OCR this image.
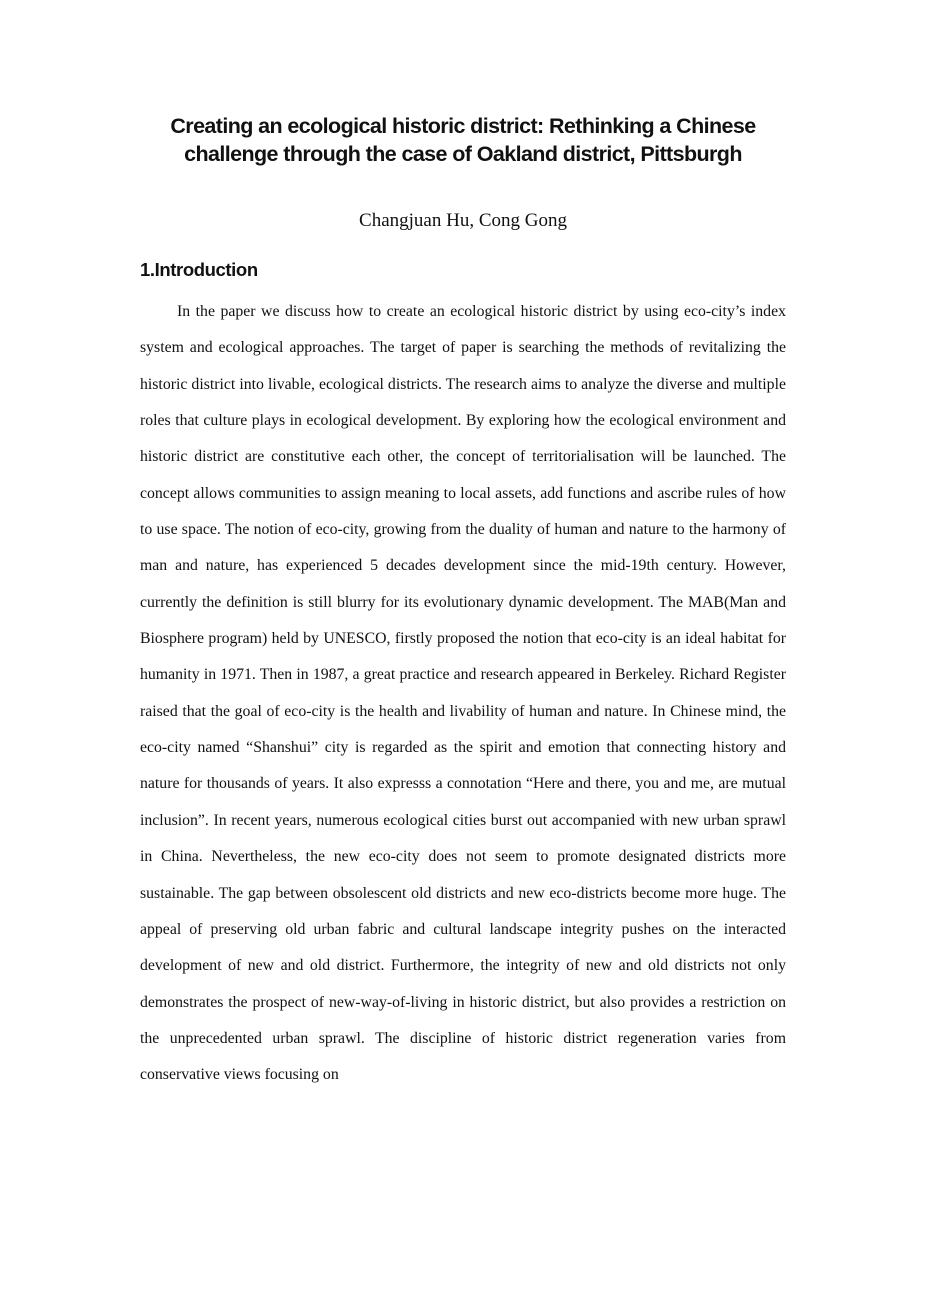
Creating an ecological historic district: Rethinking a Chinese challenge through the case of Oakland district, Pittsburgh

Changjuan Hu, Cong Gong

1.Introduction

In the paper we discuss how to create an ecological historic district by using eco-city’s index system and ecological approaches. The target of paper is searching the methods of revitalizing the historic district into livable, ecological districts. The research aims to analyze the diverse and multiple roles that culture plays in ecological development. By exploring how the ecological environment and historic district are constitutive each other, the concept of territorialisation will be launched. The concept allows communities to assign meaning to local assets, add functions and ascribe rules of how to use space. The notion of eco-city, growing from the duality of human and nature to the harmony of man and nature, has experienced 5 decades development since the mid-19th century. However, currently the definition is still blurry for its evolutionary dynamic development. The MAB(Man and Biosphere program) held by UNESCO, firstly proposed the notion that eco-city is an ideal habitat for humanity in 1971. Then in 1987, a great practice and research appeared in Berkeley. Richard Register raised that the goal of eco-city is the health and livability of human and nature. In Chinese mind, the eco-city named “Shanshui” city is regarded as the spirit and emotion that connecting history and nature for thousands of years. It also expresss a connotation “Here and there, you and me, are mutual inclusion”. In recent years, numerous ecological cities burst out accompanied with new urban sprawl in China. Nevertheless, the new eco-city does not seem to promote designated districts more sustainable. The gap between obsolescent old districts and new eco-districts become more huge. The appeal of preserving old urban fabric and cultural landscape integrity pushes on the interacted development of new and old district. Furthermore, the integrity of new and old districts not only demonstrates the prospect of new-way-of-living in historic district, but also provides a restriction on the unprecedented urban sprawl. The discipline of historic district regeneration varies from conservative views focusing on
